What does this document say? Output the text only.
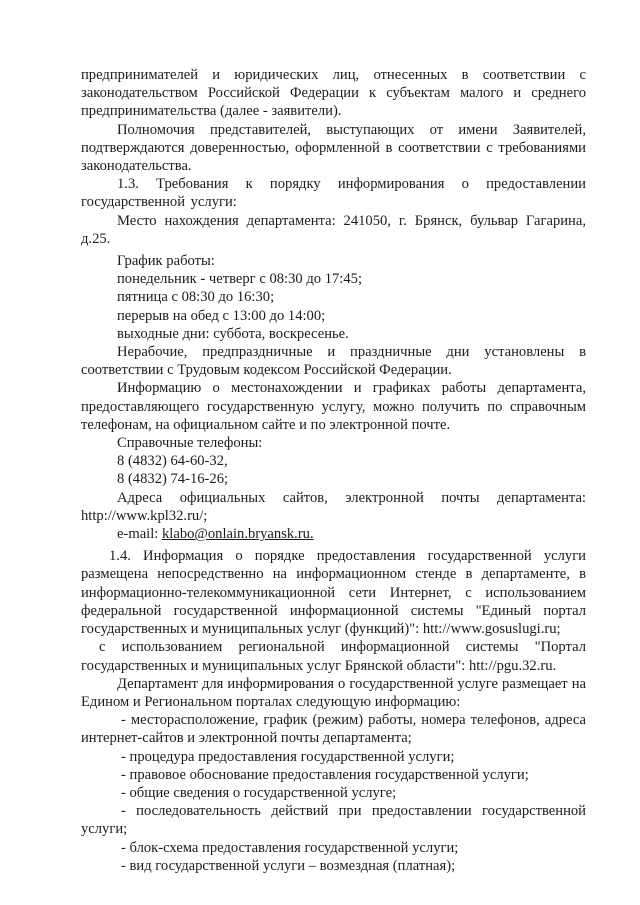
предпринимателей и юридических лиц, отнесенных в соответствии с законодательством Российской Федерации к субъектам малого и среднего предпринимательства (далее - заявители).

Полномочия представителей, выступающих от имени Заявителей, подтверждаются доверенностью, оформленной в соответствии с требованиями законодательства.

1.3. Требования к порядку информирования о предоставлении государственной услуги:

Место нахождения департамента: 241050, г. Брянск, бульвар Гагарина, д.25.

График работы:

понедельник - четверг с 08:30 до 17:45;

пятница с 08:30 до 16:30;

перерыв на обед с 13:00 до 14:00;

выходные дни: суббота, воскресенье.

Нерабочие, предпраздничные и праздничные дни установлены в соответствии с Трудовым кодексом Российской Федерации.

Информацию о местонахождении и графиках работы департамента, предоставляющего государственную услугу, можно получить по справочным телефонам, на официальном сайте и по электронной почте.

Справочные телефоны:

8 (4832) 64-60-32,

8 (4832) 74-16-26;

Адреса официальных сайтов, электронной почты департамента: http://www.kpl32.ru/;

e-mail: klabo@onlain.bryansk.ru.

1.4. Информация о порядке предоставления государственной услуги размещена непосредственно на информационном стенде в департаменте, в информационно-телекоммуникационной сети Интернет, с использованием федеральной государственной информационной системы "Единый портал государственных и муниципальных услуг (функций)": htt://www.gosuslugi.ru;

с использованием региональной информационной системы "Портал государственных и муниципальных услуг Брянской области": htt://pgu.32.ru.

Департамент для информирования о государственной услуге размещает на Едином и Региональном порталах следующую информацию:

- месторасположение, график (режим) работы, номера телефонов, адреса интернет-сайтов и электронной почты департамента;

- процедура предоставления государственной услуги;

- правовое обоснование предоставления государственной услуги;

- общие сведения о государственной услуге;

- последовательность действий при предоставлении государственной услуги;

- блок-схема предоставления государственной услуги;

- вид государственной услуги – возмездная (платная);
